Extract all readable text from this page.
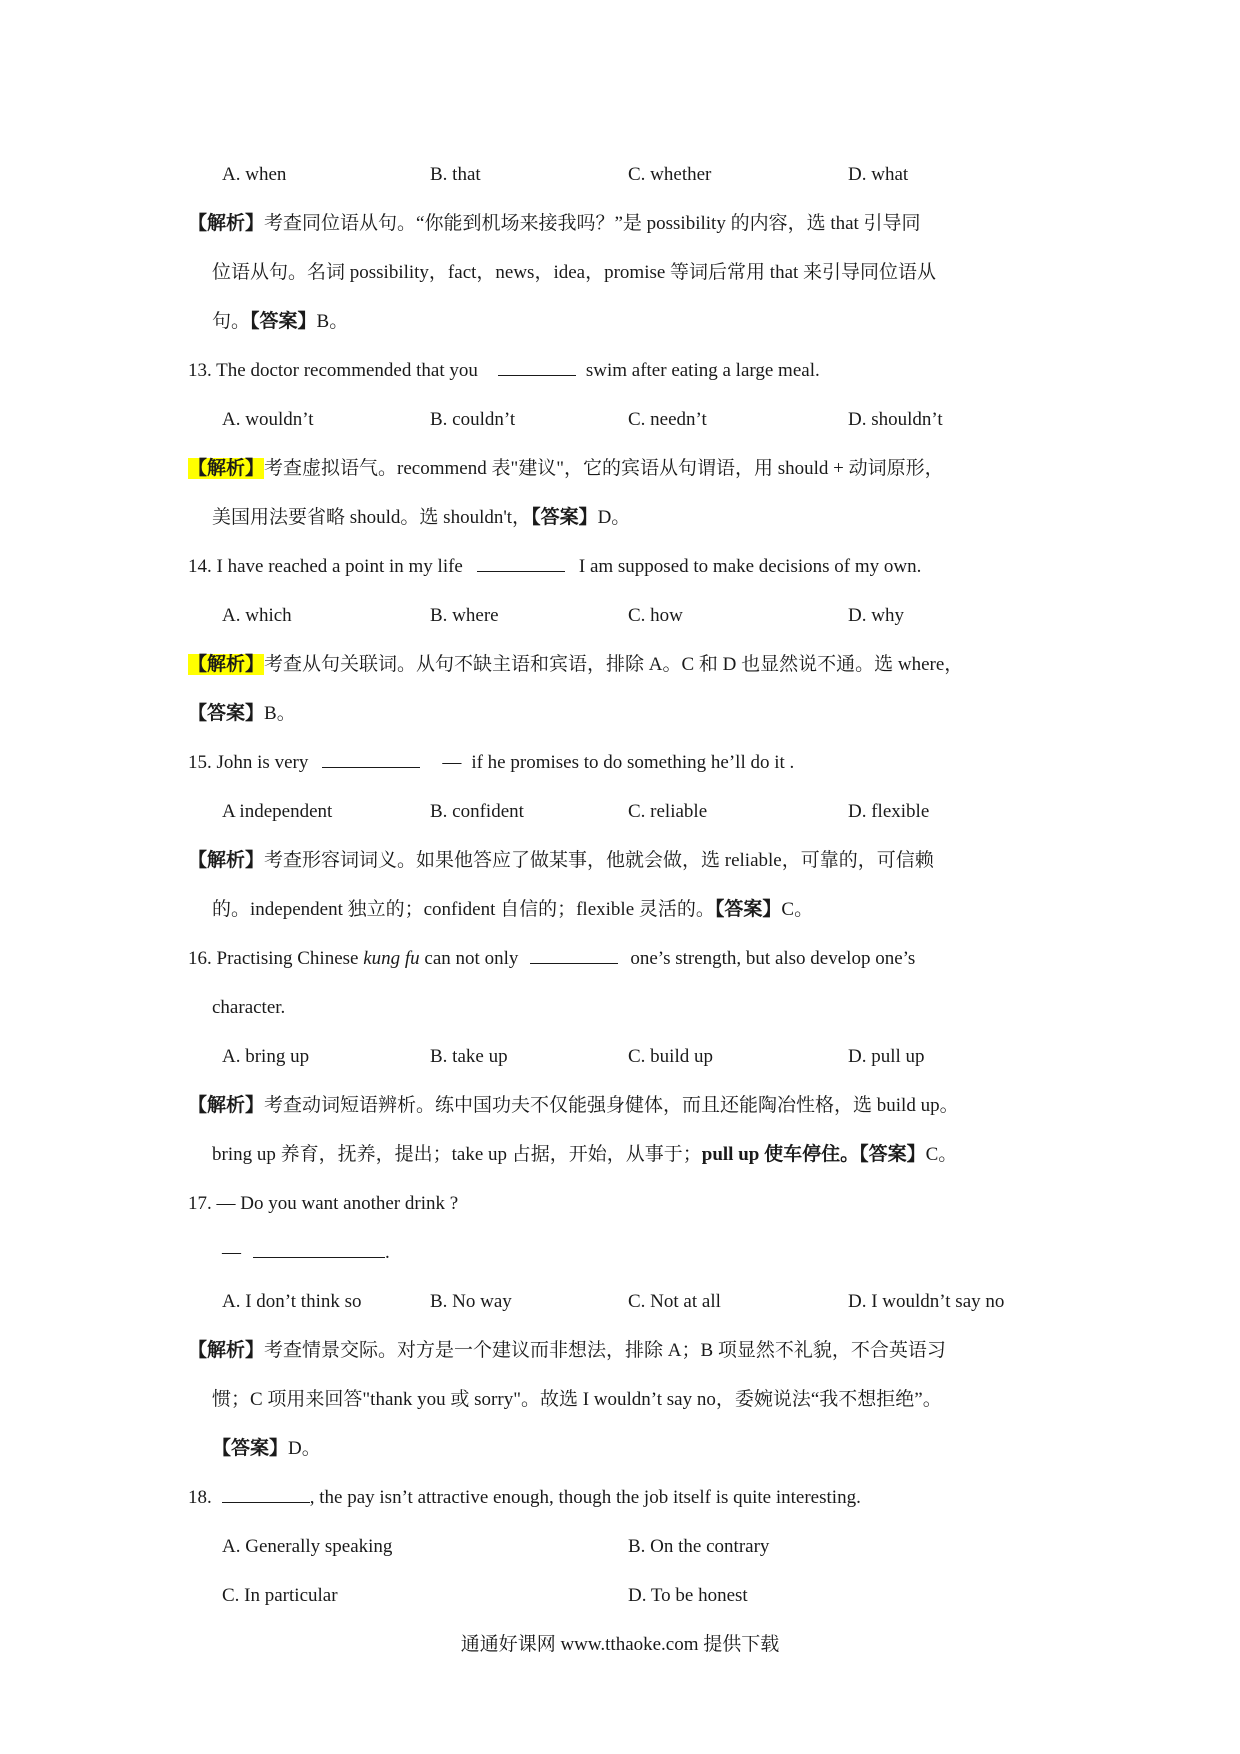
A. when	B. that	C. whether	D. what
【解析】考查同位语从句。“你能到机场来接我吗？”是 possibility 的内容，选 that 引导同
位语从句。名词 possibility，fact，news，idea，promise 等词后常用 that 来引导同位语从
句。【答案】B。
13. The doctor recommended that you	swim after eating a large meal.
A. wouldn’t	B. couldn’t	C. needn’t	D. shouldn’t
【解析】考查虚拟语气。recommend 表"建议"，它的宾语从句谓语，用 should + 动词原形，
美国用法要省略 should。选 shouldn't，【答案】D。
14. I have reached a point in my life	I am supposed to make decisions of my own.
A. which	B. where	C. how	D. why
【解析】考查从句关联词。从句不缺主语和宾语，排除 A。C 和 D 也显然说不通。选 where，
【答案】B。
15. John is very	— if he promises to do something he’ll do it .
A independent	B. confident	C. reliable	D. flexible
【解析】考查形容词词义。如果他答应了做某事，他就会做，选 reliable，可靠的，可信赖
的。independent 独立的；confident 自信的；flexible 灵活的。【答案】C。
16. Practising Chinese kung fu can not only	one’s strength, but also develop one’s
character.
A. bring up	B. take up	C. build up	D. pull up
【解析】考查动词短语辨析。练中国功夫不仅能强身健体，而且还能陶冶性格，选 build up。
bring up 养育，抚养，提出；take up 占据，开始，从事于；pull up 使车停住。【答案】C。
17. — Do you want another drink ?
—	.
A. I don’t think so	B. No way	C. Not at all	D. I wouldn’t say no
【解析】考查情景交际。对方是一个建议而非想法，排除 A；B 项显然不礼貌，不合英语习
惯；C 项用来回答"thank you 或 sorry"。故选 I wouldn’t say no，委婉说法“我不想拒绝”。
【答案】D。
18.	, the pay isn’t attractive enough, though the job itself is quite interesting.
A. Generally speaking	B. On the contrary
C. In particular	D. To be honest
通通好课网 www.tthaoke.com 提供下载
